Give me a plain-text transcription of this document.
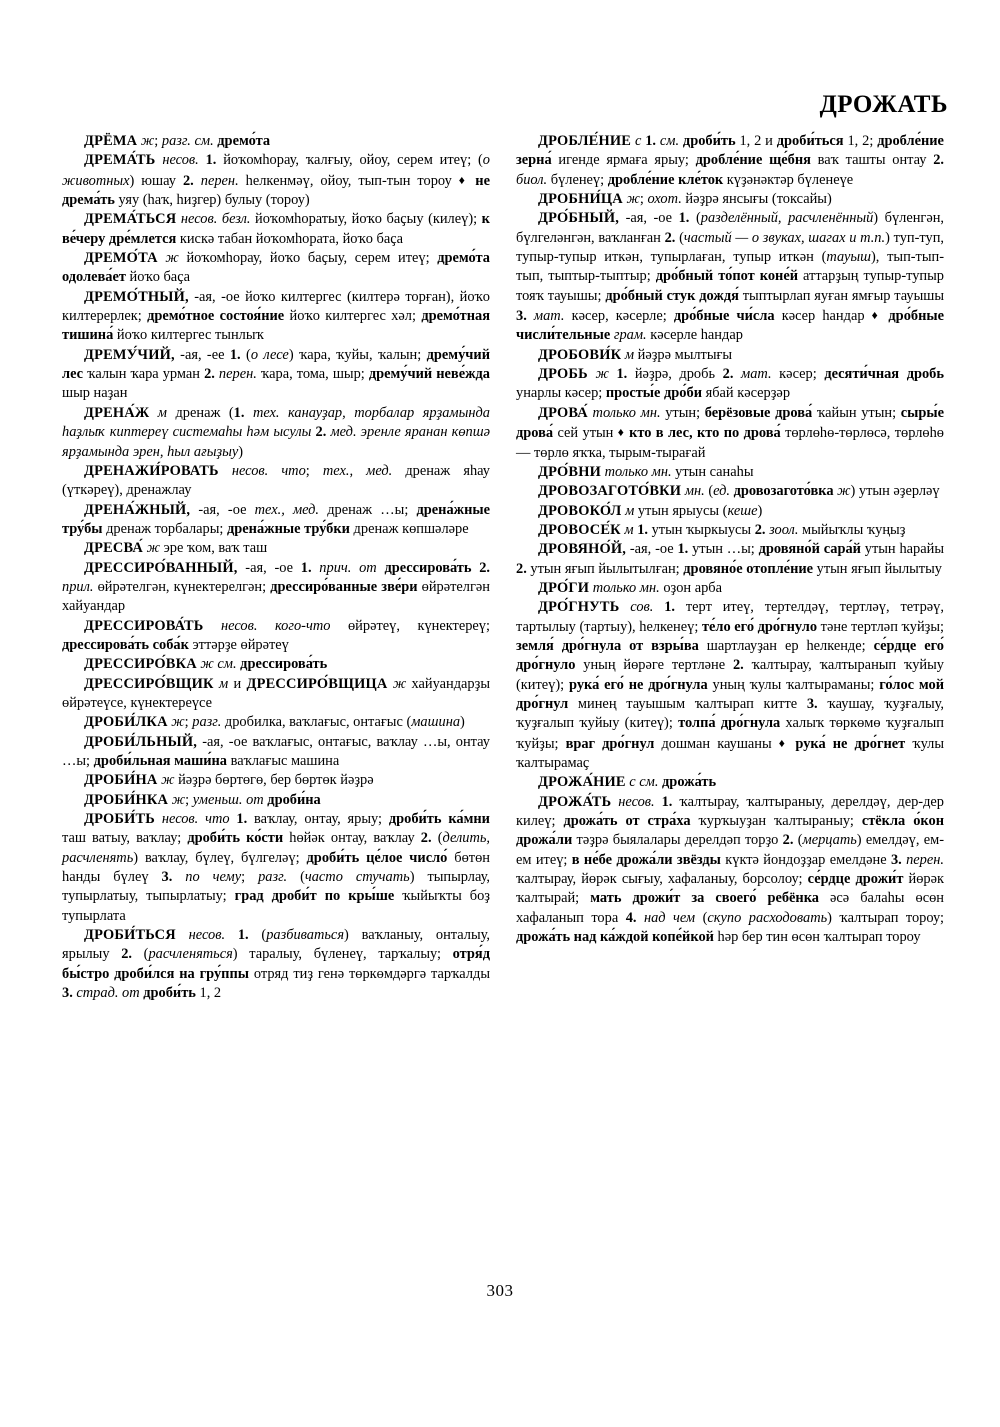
ДРОЖАТЬ

ДРЁМА ж; разг. см. дремо́та

ДРЕМА́ТЬ несов. 1. йоҡомһорау, ҡалғыу, ойоу, серем итеү; (о животных) юшау 2. перен. һелкенмәү, ойоу, тып-тын тороу ♦ не дрема́ть уяу (һаҡ, һиҙгер) булыу (тороу)

ДРЕМА́ТЬСЯ несов. безл. йоҡомһоратыу, йоҡо баҫыу (килеү); к ве́черу дре́млется кискә табан йоҡомһората, йоҡо баҫа

ДРЕМО́ТА ж йоҡомһорау, йоҡо баҫыу, серем итеү; дремо́та одолева́ет йоҡо баҫа

ДРЕМО́ТНЫЙ, -ая, -ое йоҡо килтергес (килтерә торған), йоҡо килтерерлек; дремо́тное состоя́ние йоҡо килтергес хәл; дремо́тная тишина́ йоҡо килтергес тынлыҡ

ДРЕМУ́ЧИЙ, -ая, -ее 1. (о лесе) ҡара, ҡуйы, ҡалын; дрему́чий лес ҡалын ҡара урман 2. перен. ҡара, тома, шыр; дрему́чий неве́жда шыр наҙан

ДРЕНА́Ж м дренаж (1. тех. канауҙар, торбалар ярҙамында һаҙлыҡ киптереү системаһы һәм ысулы 2. мед. эренле яранан көпшә ярҙамында эрен, һыл ағыҙыу)

ДРЕНАЖИ́РОВАТЬ несов. что; тех., мед. дренаж яһау (үткәреү), дренажлау

ДРЕНА́ЖНЫЙ, -ая, -ое тех., мед. дренаж …ы; дрена́жные тру́бы дренаж торбалары; дрена́жные тру́бки дренаж көпшәләре

ДРЕСВА́ ж эре ҡом, ваҡ таш

ДРЕССИРО́ВАННЫЙ, -ая, -ое 1. прич. от дрессирова́ть 2. прил. өйрәтелгән, күнектерелгән; дрессиро́ванные зве́ри өйрәтелгән хайуандар

ДРЕССИРОВА́ТЬ несов. кого-что өйрәтеү, күнектереү; дрессирова́ть соба́к эттәрҙе өйрәтеү

ДРЕССИРО́ВКА ж см. дрессирова́ть

ДРЕССИРО́ВЩИК м и ДРЕССИРО́ВЩИЦА ж хайуандарҙы өйрәтеүсе, күнектереүсе

ДРОБИ́ЛКА ж; разг. дробилка, ваҡлағыс, онтағыс (машина)

ДРОБИ́ЛЬНЫЙ, -ая, -ое ваҡлағыс, онтағыс, ваҡлау …ы, онтау …ы; дроби́льная маши́на ваҡлағыс машина

ДРОБИ́НА ж йәҙрә бөртөгө, бер бөртөк йәҙрә

ДРОБИ́НКА ж; уменьш. от дроби́на

ДРОБИ́ТЬ несов. что 1. ваҡлау, онтау, ярыу; дроби́ть ка́мни таш ватыу, ваҡлау; дроби́ть ко́сти һөйәк онтау, ваҡлау 2. (делить, расчленять) ваҡлау, бүлеү, бүлгеләү; дроби́ть це́лое число́ бөтөн һанды бүлеү 3. по чему; разг. (часто стучать) тыпырлау, тупырлатыу, тыпырлатыу; град дроби́т по кры́ше ҡыйыҡты боҙ тупырлата

ДРОБИ́ТЬСЯ несов. 1. (разбиваться) ваҡланыу, онталыу, ярылыу 2. (расчленяться) таралыу, бүленеү, тарҡалыу; отря́д бы́стро дроби́лся на гру́ппы отряд тиҙ генә төркөмдәргә тарҡалды 3. страд. от дроби́ть 1, 2

ДРОБЛЕ́НИЕ с 1. см. дроби́ть 1, 2 и дроби́ться 1, 2; дробле́ние зерна́ игенде ярмаға ярыу; дробле́ние ще́бня ваҡ ташты онтау 2. биол. бүленеү; дробле́ние кле́ток күҙәнәктәр бүленеүе

ДРОБНИ́ЦА ж; охот. йәҙрә янсығы (токсайы)

ДРО́БНЫЙ, -ая, -ое 1. (разделённый, расчленённый) бүленгән, бүлгеләнгән, ваҡланған 2. (частый — о звуках, шагах и т.п.) туп-туп, тупыр-тупыр иткән, тупырлаған, тупыр иткән (тауыш), тып-тып-тып, тыптыр-тыптыр; дро́бный то́пот коне́й аттарҙың тупыр-тупыр тояҡ тауышы; дро́бный стук дождя́ тыптырлап яуған ямғыр тауышы 3. мат. кәсер, кәсерле; дро́бные чи́сла кәсер һандар ♦ дро́бные числи́тельные грам. кәсерле һандар

ДРОБОВИ́К м йәҙрә мылтығы

ДРОБЬ ж 1. йәҙрә, дробь 2. мат. кәсер; десяти́чная дробь унарлы кәсер; просты́е дро́би ябай кәсерҙәр

ДРОВА́ только мн. утын; берёзовые дрова́ ҡайын утын; сыры́е дрова́ сей утын ♦ кто в лес, кто по дрова́ төрлөһө-төрлөсә, төрлөһө — төрлө яҡҡа, тырым-тырағай

ДРО́ВНИ только мн. утын санаһы

ДРОВОЗАГОТО́ВКИ мн. (ед. дровозагото́вка ж) утын әҙерләү

ДРОВОКО́Л м утын ярыусы (кеше)

ДРОВОСЕ́К м 1. утын ҡыркыусы 2. зоол. мыйыҡлы ҡуңыҙ

ДРОВЯНО́Й, -ая, -ое 1. утын …ы; дровяно́й сара́й утын һарайы 2. утын яғып йылытылған; дровяно́е отопле́ние утын яғып йылытыу

ДРО́ГИ только мн. оҙон арба

ДРО́ГНУТЬ сов. 1. терт итеү, тертелдәү, тертләү, тетрәү, тартылыу (тартыу), һелкенеү; те́ло его́ дро́гнуло тәне тертләп ҡуйҙы; земля́ дро́гнула от взры́ва шартлауҙан ер һелкенде; се́рдце его́ дро́гнуло уның йөрәге тертләне 2. ҡалтырау, ҡалтыранып ҡуйыу (китеү); рука́ его́ не дро́гнула уның ҡулы ҡалтыраманы; го́лос мой дро́гнул минең тауышым ҡалтырап китте 3. ҡаушау, ҡуҙғалыу, ҡуҙғалып ҡуйыу (китеү); толпа́ дро́гнула халыҡ төркөмө ҡуҙғалып ҡуйҙы; враг дро́гнул дошман каушаны ♦ рука́ не дро́гнет ҡулы ҡалтырамаҫ

ДРОЖА́НИЕ с см. дрожа́ть

ДРОЖА́ТЬ несов. 1. ҡалтырау, ҡалтыраныу, дерелдәү, дер-дер килеү; дрожа́ть от стра́ха ҡурҡыуҙан ҡалтыраныу; стёкла о́кон дрожа́ли тәҙрә быялалары дерелдәп торҙо 2. (мерцать) емелдәү, ем-ем итеү; в не́бе дрожа́ли звёзды күктә йондоҙҙар емелдәне 3. перен. ҡалтырау, йөрәк сығыу, хафаланыу, борсолоу; се́рдце дрожи́т йөрәк ҡалтырай; мать дрожи́т за своего́ ребёнка әсә балаһы өсөн хафаланып тора 4. над чем (скупо расходовать) ҡалтырап тороу; дрожа́ть над ка́ждой копе́йкой һәр бер тин өсөн ҡалтырап тороу

303
